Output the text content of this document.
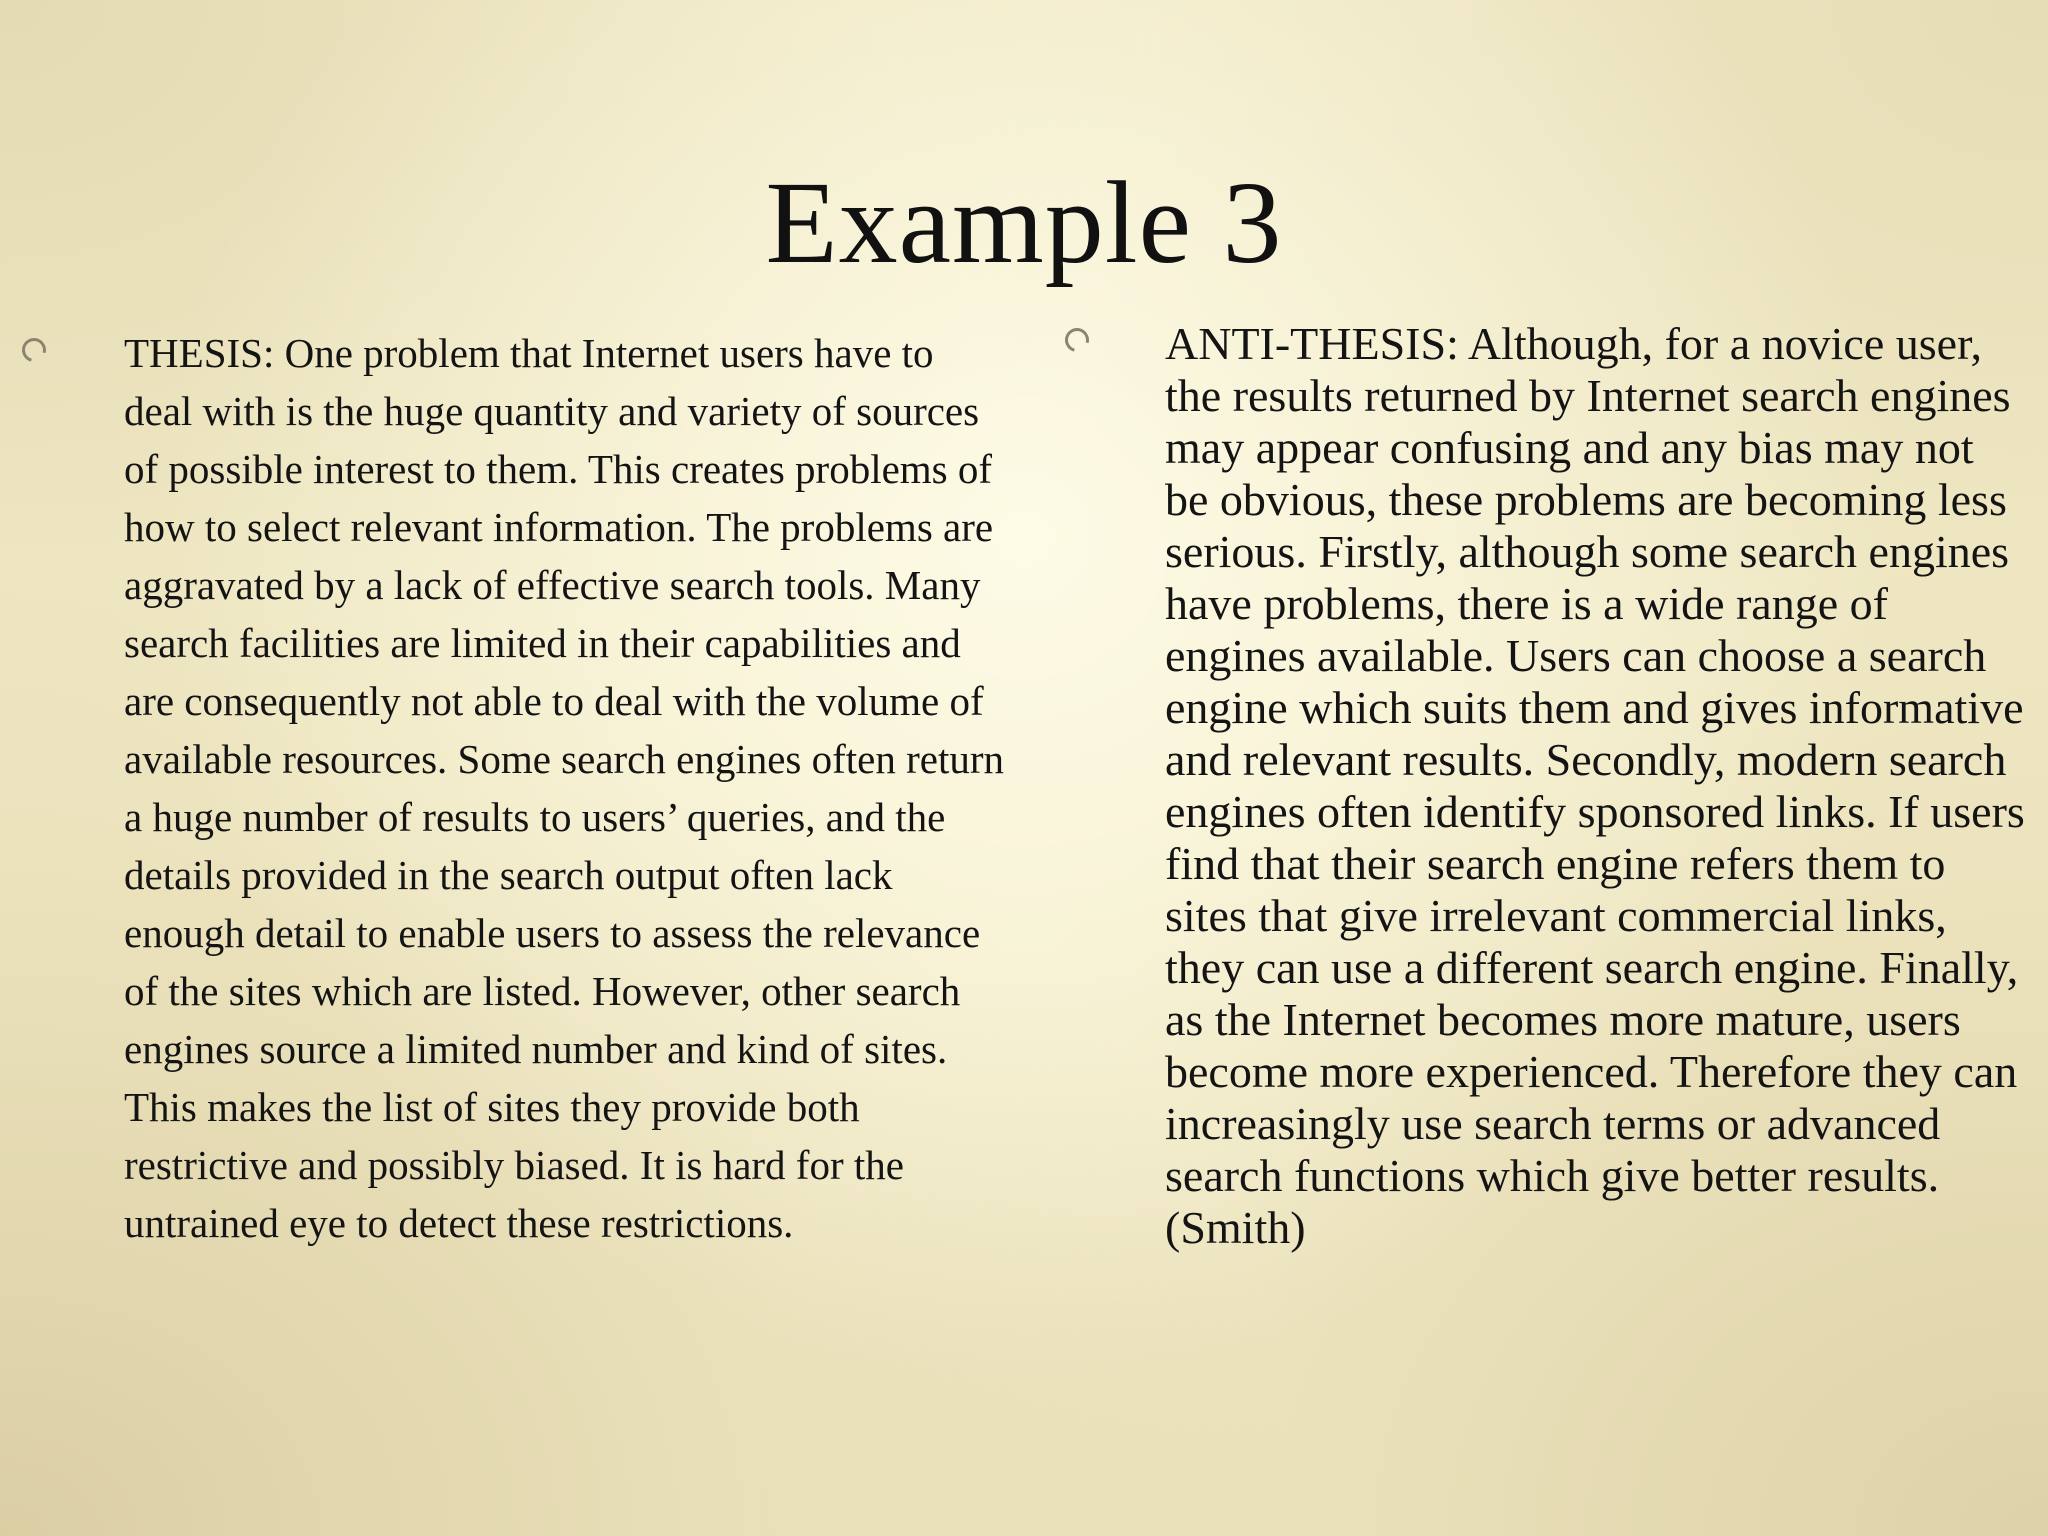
Example 3

THESIS: One problem that Internet users have to deal with is the huge quantity and variety of sources of possible interest to them. This creates problems of how to select relevant information. The problems are aggravated by a lack of effective search tools. Many search facilities are limited in their capabilities and are consequently not able to deal with the volume of available resources. Some search engines often return a huge number of results to users’ queries, and the details provided in the search output often lack enough detail to enable users to assess the relevance of the sites which are listed. However, other search engines source a limited number and kind of sites. This makes the list of sites they provide both restrictive and possibly biased. It is hard for the untrained eye to detect these restrictions.

ANTI-THESIS: Although, for a novice user, the results returned by Internet search engines may appear confusing and any bias may not be obvious, these problems are becoming less serious. Firstly, although some search engines have problems, there is a wide range of engines available. Users can choose a search engine which suits them and gives informative and relevant results. Secondly, modern search engines often identify sponsored links. If users find that their search engine refers them to sites that give irrelevant commercial links, they can use a different search engine. Finally, as the Internet becomes more mature, users become more experienced. Therefore they can increasingly use search terms or advanced search functions which give better results. (Smith)
